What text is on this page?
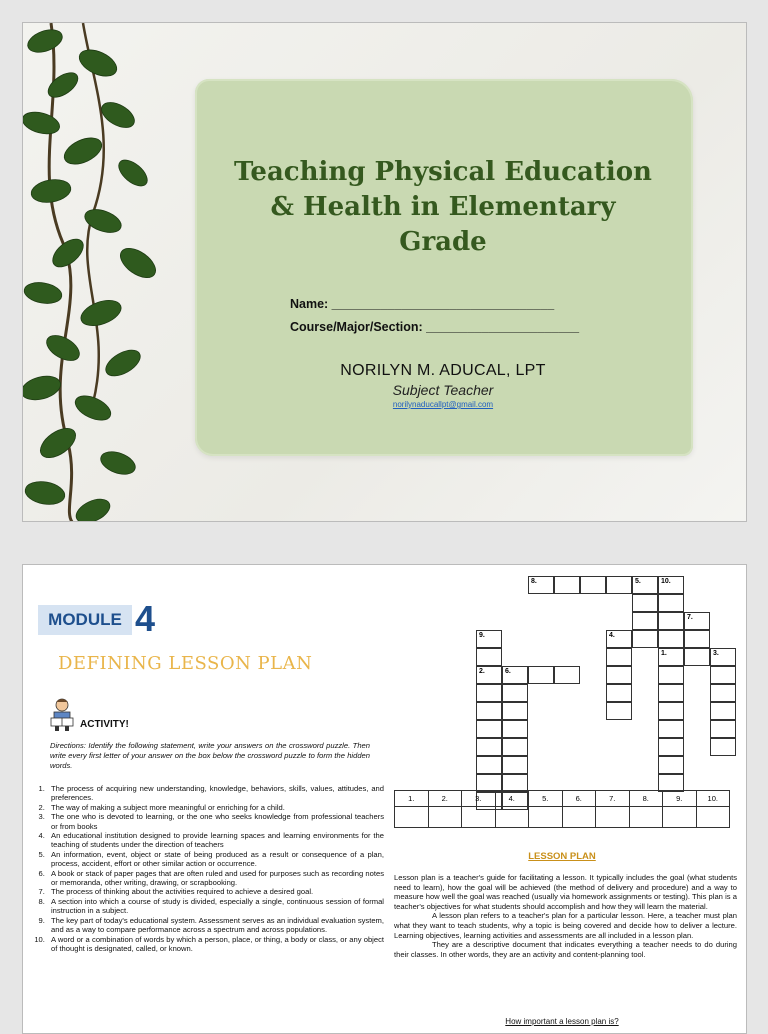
Teaching Physical Education
& Health in Elementary
Grade
Name: ________________________________
Course/Major/Section: ______________________
NORILYN M. ADUCAL, LPT
Subject Teacher
norilynaducallpt@gmail.com
MODULE 4
DEFINING LESSON PLAN
ACTIVITY!
Directions: Identify the following statement, write your answers on the crossword puzzle. Then write every first letter of your answer on the box below the crossword puzzle to form the hidden words.
1. The process of acquiring new understanding, knowledge, behaviors, skills, values, attitudes, and preferences.
2. The way of making a subject more meaningful or enriching for a child.
3. The one who is devoted to learning, or the one who seeks knowledge from professional teachers or from books
4. An educational institution designed to provide learning spaces and learning environments for the teaching of students under the direction of teachers
5. An information, event, object or state of being produced as a result or consequence of a plan, process, accident, effort or other similar action or occurrence.
6. A book or stack of paper pages that are often ruled and used for purposes such as recording notes or memoranda, other writing, drawing, or scrapbooking.
7. The process of thinking about the activities required to achieve a desired goal.
8. A section into which a course of study is divided, especially a single, continuous session of formal instruction in a subject.
9. The key part of today's educational system. Assessment serves as an individual evaluation system, and as a way to compare performance across a spectrum and across populations.
10. A word or a combination of words by which a person, place, or thing, a body or class, or any object of thought is designated, called, or known.
8.	5.	10.
7.
9.	4.
1.	3.
2.	6.
1.	2.	3.	4.	5.	6.	7.	8.	9.	10.

LESSON PLAN

Lesson plan is a teacher's guide for facilitating a lesson. It typically includes the goal (what students need to learn), how the goal will be achieved (the method of delivery and procedure) and a way to measure how well the goal was reached (usually via homework assignments or testing). This plan is a teacher's objectives for what students should accomplish and how they will learn the material.

A lesson plan refers to a teacher's plan for a particular lesson. Here, a teacher must plan what they want to teach students, why a topic is being covered and decide how to deliver a lecture. Learning objectives, learning activities and assessments are all included in a lesson plan.

They are a descriptive document that indicates everything a teacher needs to do during their classes. In other words, they are an activity and content-planning tool.

How important a lesson plan is?
